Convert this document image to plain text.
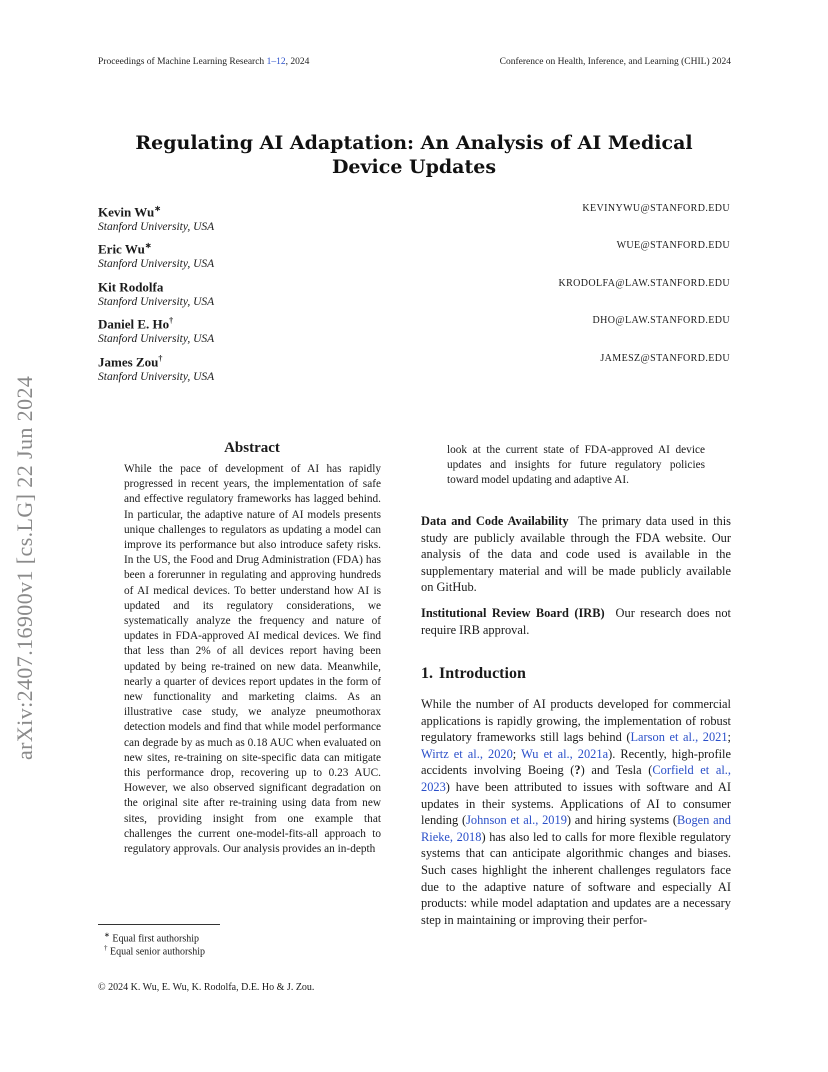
Proceedings of Machine Learning Research 1–12, 2024	Conference on Health, Inference, and Learning (CHIL) 2024
arXiv:2407.16900v1 [cs.LG] 22 Jun 2024
Regulating AI Adaptation: An Analysis of AI Medical Device Updates
Kevin Wu∗
Stanford University, USA
KEVINYWU@STANFORD.EDU
Eric Wu∗
Stanford University, USA
WUE@STANFORD.EDU
Kit Rodolfa
Stanford University, USA
KRODOLFA@LAW.STANFORD.EDU
Daniel E. Ho†
Stanford University, USA
DHO@LAW.STANFORD.EDU
James Zou†
Stanford University, USA
JAMESZ@STANFORD.EDU
Abstract
While the pace of development of AI has rapidly progressed in recent years, the implementation of safe and effective regulatory frameworks has lagged behind. In particular, the adaptive nature of AI models presents unique challenges to regulators as updating a model can improve its performance but also introduce safety risks. In the US, the Food and Drug Administration (FDA) has been a forerunner in regulating and approving hundreds of AI medical devices. To better understand how AI is updated and its regulatory considerations, we systematically analyze the frequency and nature of updates in FDA-approved AI medical devices. We find that less than 2% of all devices report having been updated by being re-trained on new data. Meanwhile, nearly a quarter of devices report updates in the form of new functionality and marketing claims. As an illustrative case study, we analyze pneumothorax detection models and find that while model performance can degrade by as much as 0.18 AUC when evaluated on new sites, re-training on site-specific data can mitigate this performance drop, recovering up to 0.23 AUC. However, we also observed significant degradation on the original site after re-training using data from new sites, providing insight from one example that challenges the current one-model-fits-all approach to regulatory approvals. Our analysis provides an in-depth
look at the current state of FDA-approved AI device updates and insights for future regulatory policies toward model updating and adaptive AI.
Data and Code Availability The primary data used in this study are publicly available through the FDA website. Our analysis of the data and code used is available in the supplementary material and will be made publicly available on GitHub.
Institutional Review Board (IRB) Our research does not require IRB approval.
1. Introduction
While the number of AI products developed for commercial applications is rapidly growing, the implementation of robust regulatory frameworks still lags behind (Larson et al., 2021; Wirtz et al., 2020; Wu et al., 2021a). Recently, high-profile accidents involving Boeing (?) and Tesla (Corfield et al., 2023) have been attributed to issues with software and AI updates in their systems. Applications of AI to consumer lending (Johnson et al., 2019) and hiring systems (Bogen and Rieke, 2018) has also led to calls for more flexible regulatory systems that can anticipate algorithmic changes and biases. Such cases highlight the inherent challenges regulators face due to the adaptive nature of software and especially AI products: while model adaptation and updates are a necessary step in maintaining or improving their perfor-
∗ Equal first authorship
† Equal senior authorship
© 2024 K. Wu, E. Wu, K. Rodolfa, D.E. Ho & J. Zou.
